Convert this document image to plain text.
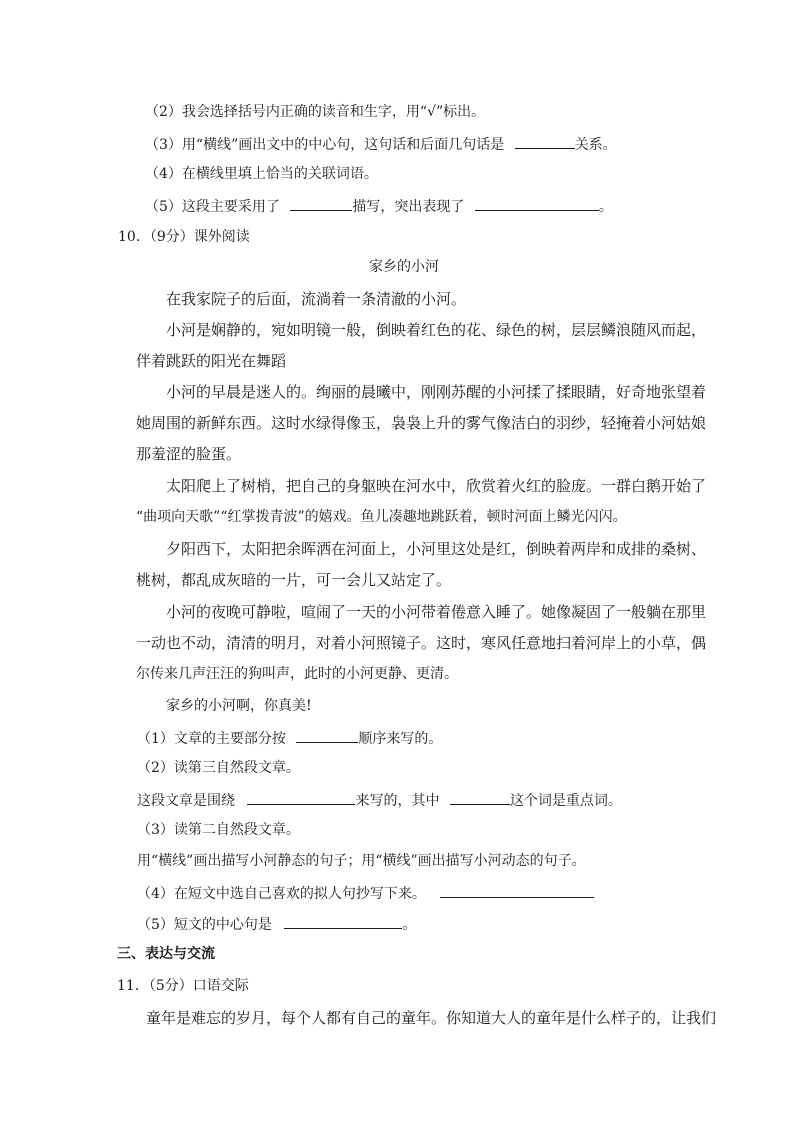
（2）我会选择括号内正确的读音和生字，用“√”标出。
（3）用“横线”画出文中的中心句，这句话和后面几句话是	关系。
（4）在横线里填上恰当的关联词语。
（5）这段主要采用了	描写，突出表现了	。
10．（9分）课外阅读
家乡的小河
在我家院子的后面，流淌着一条清澈的小河。
小河是娴静的，宛如明镜一般，倒映着红色的花、绿色的树，层层鳞浪随风而起，
伴着跳跃的阳光在舞蹈
小河的早晨是迷人的。绚丽的晨曦中，刚刚苏醒的小河揉了揉眼睛，好奇地张望着
她周围的新鲜东西。这时水绿得像玉，袅袅上升的雾气像洁白的羽纱，轻掩着小河姑娘
那羞涩的脸蛋。
太阳爬上了树梢，把自己的身躯映在河水中，欣赏着火红的脸庞。一群白鹅开始了
“曲项向天歌”“红掌拨青波”的嬉戏。鱼儿凑趣地跳跃着，顿时河面上鳞光闪闪。
夕阳西下，太阳把余晖洒在河面上，小河里这处是红，倒映着两岸和成排的桑树、
桃树，都乱成灰暗的一片，可一会儿又站定了。
小河的夜晚可静啦，喧闹了一天的小河带着倦意入睡了。她像凝固了一般躺在那里
一动也不动，清清的明月，对着小河照镜子。这时，寒风任意地扫着河岸上的小草，偶
尔传来几声汪汪的狗叫声，此时的小河更静、更清。
家乡的小河啊，你真美!
（1）文章的主要部分按	顺序来写的。
（2）读第三自然段文章。
这段文章是围绕	来写的，其中	这个词是重点词。
（3）读第二自然段文章。
用“横线”画出描写小河静态的句子；用“横线”画出描写小河动态的句子。
（4）在短文中选自己喜欢的拟人句抄写下来。
（5）短文的中心句是	。
三、表达与交流
11．（5分）口语交际
童年是难忘的岁月，每个人都有自己的童年。你知道大人的童年是什么样子的，让我们
